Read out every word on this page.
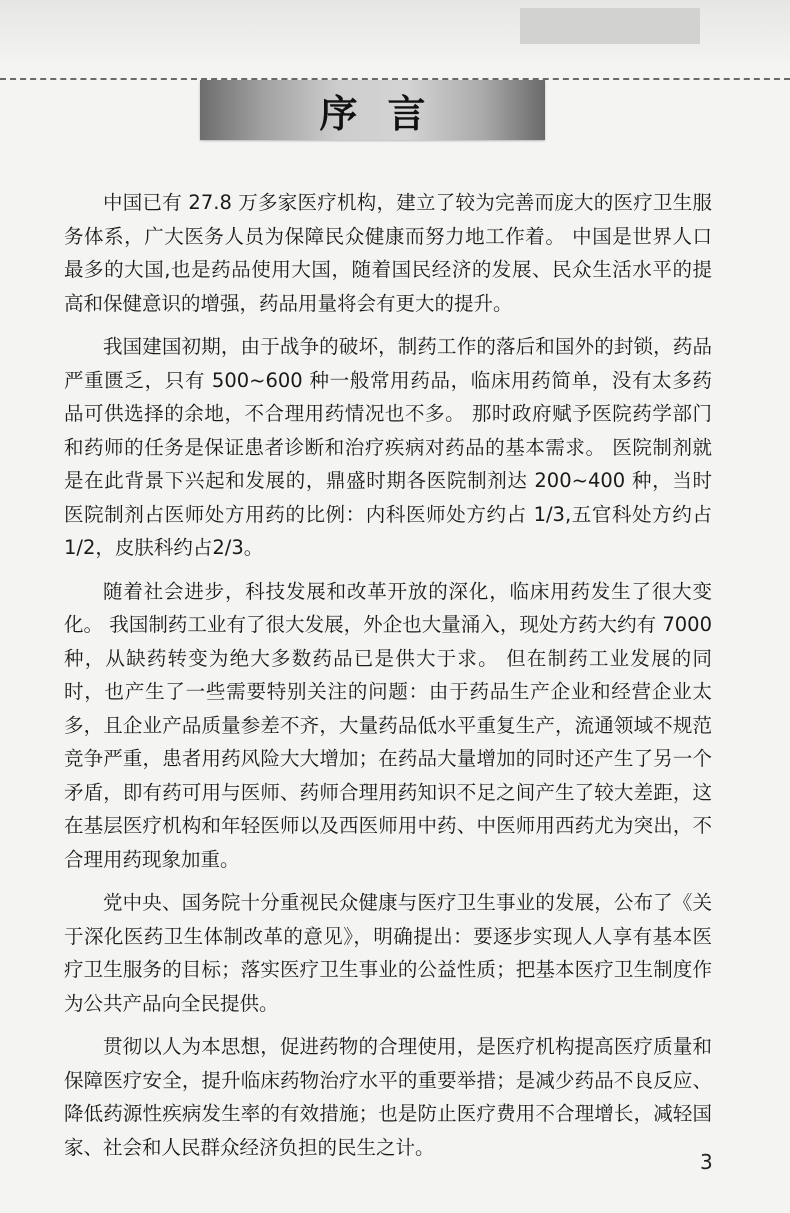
序言

中国已有 27.8 万多家医疗机构，建立了较为完善而庞大的医疗卫生服务体系，广大医务人员为保障民众健康而努力地工作着。 中国是世界人口最多的大国,也是药品使用大国，随着国民经济的发展、民众生活水平的提高和保健意识的增强，药品用量将会有更大的提升。

我国建国初期，由于战争的破坏，制药工作的落后和国外的封锁，药品严重匮乏，只有 500~600 种一般常用药品，临床用药简单，没有太多药品可供选择的余地，不合理用药情况也不多。 那时政府赋予医院药学部门和药师的任务是保证患者诊断和治疗疾病对药品的基本需求。 医院制剂就是在此背景下兴起和发展的，鼎盛时期各医院制剂达 200~400 种，当时医院制剂占医师处方用药的比例：内科医师处方约占 1/3,五官科处方约占1/2，皮肤科约占2/3。

随着社会进步，科技发展和改革开放的深化，临床用药发生了很大变化。 我国制药工业有了很大发展，外企也大量涌入，现处方药大约有 7000 种，从缺药转变为绝大多数药品已是供大于求。 但在制药工业发展的同时，也产生了一些需要特别关注的问题：由于药品生产企业和经营企业太多，且企业产品质量参差不齐，大量药品低水平重复生产，流通领域不规范竞争严重，患者用药风险大大增加；在药品大量增加的同时还产生了另一个矛盾，即有药可用与医师、药师合理用药知识不足之间产生了较大差距，这在基层医疗机构和年轻医师以及西医师用中药、中医师用西药尤为突出，不合理用药现象加重。

党中央、国务院十分重视民众健康与医疗卫生事业的发展，公布了《关于深化医药卫生体制改革的意见》，明确提出：要逐步实现人人享有基本医疗卫生服务的目标；落实医疗卫生事业的公益性质；把基本医疗卫生制度作为公共产品向全民提供。

贯彻以人为本思想，促进药物的合理使用，是医疗机构提高医疗质量和保障医疗安全，提升临床药物治疗水平的重要举措；是减少药品不良反应、降低药源性疾病发生率的有效措施；也是防止医疗费用不合理增长，减轻国家、社会和人民群众经济负担的民生之计。

3
